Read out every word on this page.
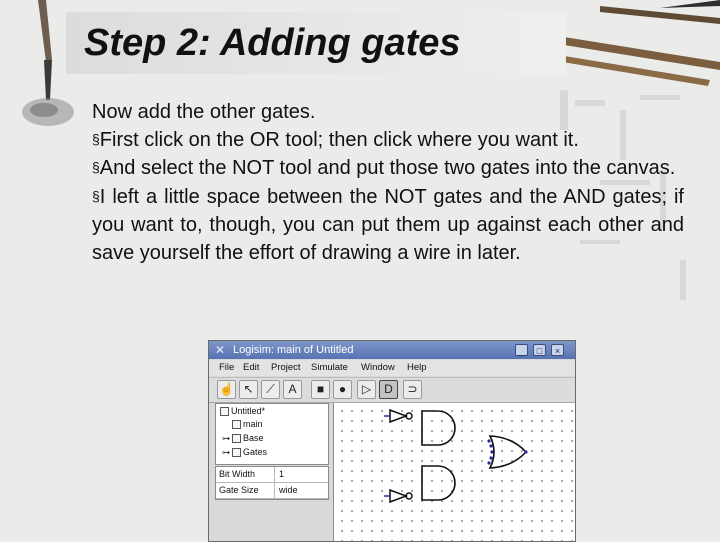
Step 2: Adding gates

Now add the other gates.

§First click on the OR tool; then click where you want it.

§And select the NOT tool and put those two gates into the canvas.

§I left a little space between the NOT gates and the AND gates; if you want to, though, you can put them up against each other and save yourself the effort of drawing a wire in later.

✕ Logisim: main of Untitled	_	□	×
File Edit Project Simulate Window Help
☝ ↖	⟋	A	■	●	▷	D	⊃
Untitled*
main
⊶ Base
⊶ Gates
Bit Width	1
Gate Size	wide
